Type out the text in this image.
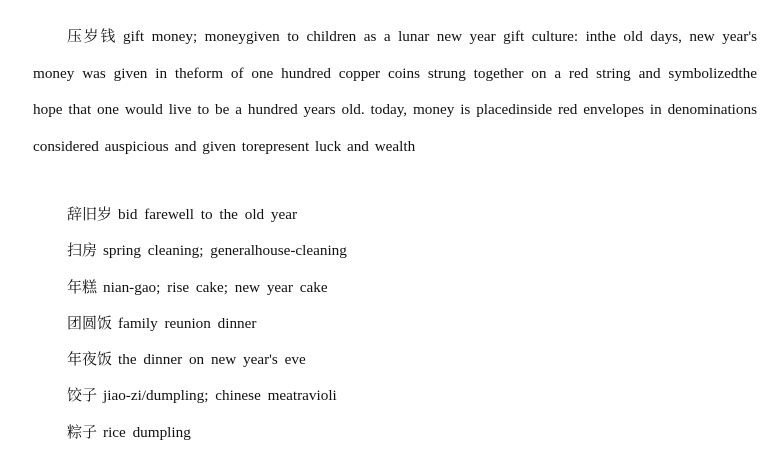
压岁钱 gift money; moneygiven to children as a lunar new year gift culture: inthe old days, new year's money was given in theform of one hundred copper coins strung together on a red string and symbolizedthe hope that one would live to be a hundred years old. today, money is placedinside red envelopes in denominations considered auspicious and given torepresent luck and wealth

辞旧岁 bid farewell to the old year
扫房 spring cleaning; generalhouse-cleaning
年糕 nian-gao; rise cake; new year cake
团圆饭 family reunion dinner
年夜饭 the dinner on new year's eve
饺子 jiao-zi/dumpling; chinese meatravioli
粽子 rice dumpling
